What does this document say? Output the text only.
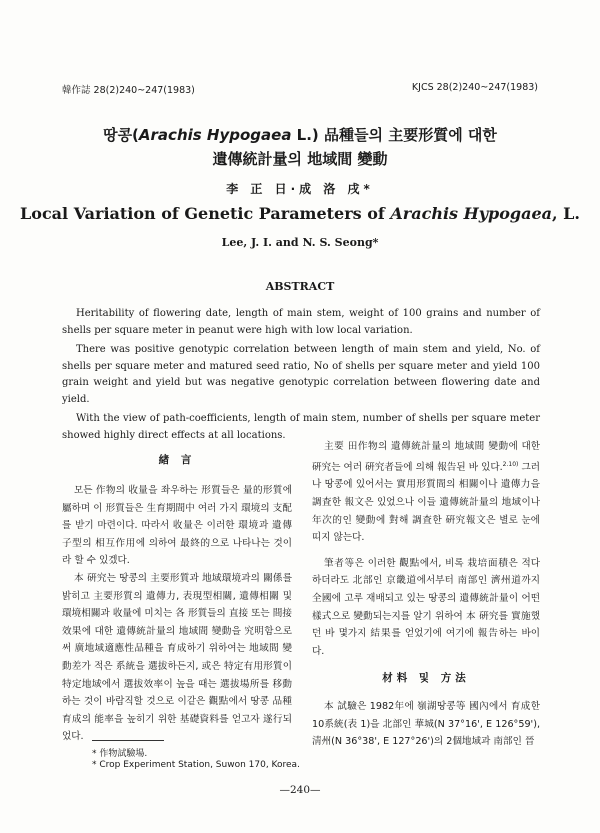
韓作誌 28(2)240~247(1983)	KJCS 28(2)240~247(1983)
땅콩(Arachis Hypogaea L.) 品種들의 主要形質에 대한
遺傳統計量의 地域間 變動
李 正 日·成 洛 戌*
Local Variation of Genetic Parameters of Arachis Hypogaea, L.
Lee, J. I. and N. S. Seong*
ABSTRACT

Heritability of flowering date, length of main stem, weight of 100 grains and number of shells per square meter in peanut were high with low local variation.

There was positive genotypic correlation between length of main stem and yield, No. of shells per square meter and matured seed ratio, No of shells per square meter and yield 100 grain weight and yield but was negative genotypic correlation between flowering date and yield.

With the view of path-coefficients, length of main stem, number of shells per square meter showed highly direct effects at all locations.

緖 言

모든 作物의 收量을 좌우하는 形質들은 量的形質에 屬하며 이 形質들은 生育期間中 여러 가지 環境의 支配를 받기 마련이다. 따라서 收量은 이러한 環境과 遺傳子型의 相互作用에 의하여 最終的으로 나타나는 것이라 할 수 있겠다.

本 硏究는 땅콩의 主要形質과 地域環境과의 關係를 밝히고 主要形質의 遺傳力, 表現型相關, 遺傳相關 및 環境相關과 收量에 미치는 各 形質들의 直接 또는 間接效果에 대한 遺傳統計量의 地域間 變動을 究明함으로써 廣地域適應性品種을 育成하기 위하여는 地域間 變動差가 적은 系統을 選拔하든지, 或은 特定有用形質이 特定地域에서 選拔效率이 높을 때는 選拔場所를 移動하는 것이 바람직할 것으로 이같은 觀點에서 땅콩 品種育成의 能率을 높히기 위한 基礎資料를 얻고자 遂行되었다.

主要 田作物의 遺傳統計量의 地域間 變動에 대한 硏究는 여러 硏究者들에 의해 報告된 바 있다.$^{2.10)}$ 그러나 땅콩에 있어서는 實用形質間의 相關이나 遺傳力을 調査한 報文은 있었으나 이들 遺傳統計量의 地域이나 年次的인 變動에 對해 調査한 硏究報文은 별로 눈에 띠지 않는다.

筆者等은 이러한 觀點에서, 비록 栽培面積은 적다 하더라도 北部인 京畿道에서부터 南部인 濟州道까지 全國에 고루 재배되고 있는 땅콩의 遺傳統計量이 어떤 樣式으로 變動되는지를 알기 위하여 本 硏究를 實施했던 바 몇가지 結果를 얻었기에 여기에 報告하는 바이다.

材料 및 方法

本 試驗은 1982年에 嶺湖땅콩等 國內에서 育成한 10系統(表 1)을 北部인 華城(N 37°16', E 126°59'), 淸州(N 36°38', E 127°26')의 2個地域과 南部인 晉

* 作物試驗場.
* Crop Experiment Station, Suwon 170, Korea.
—240—
